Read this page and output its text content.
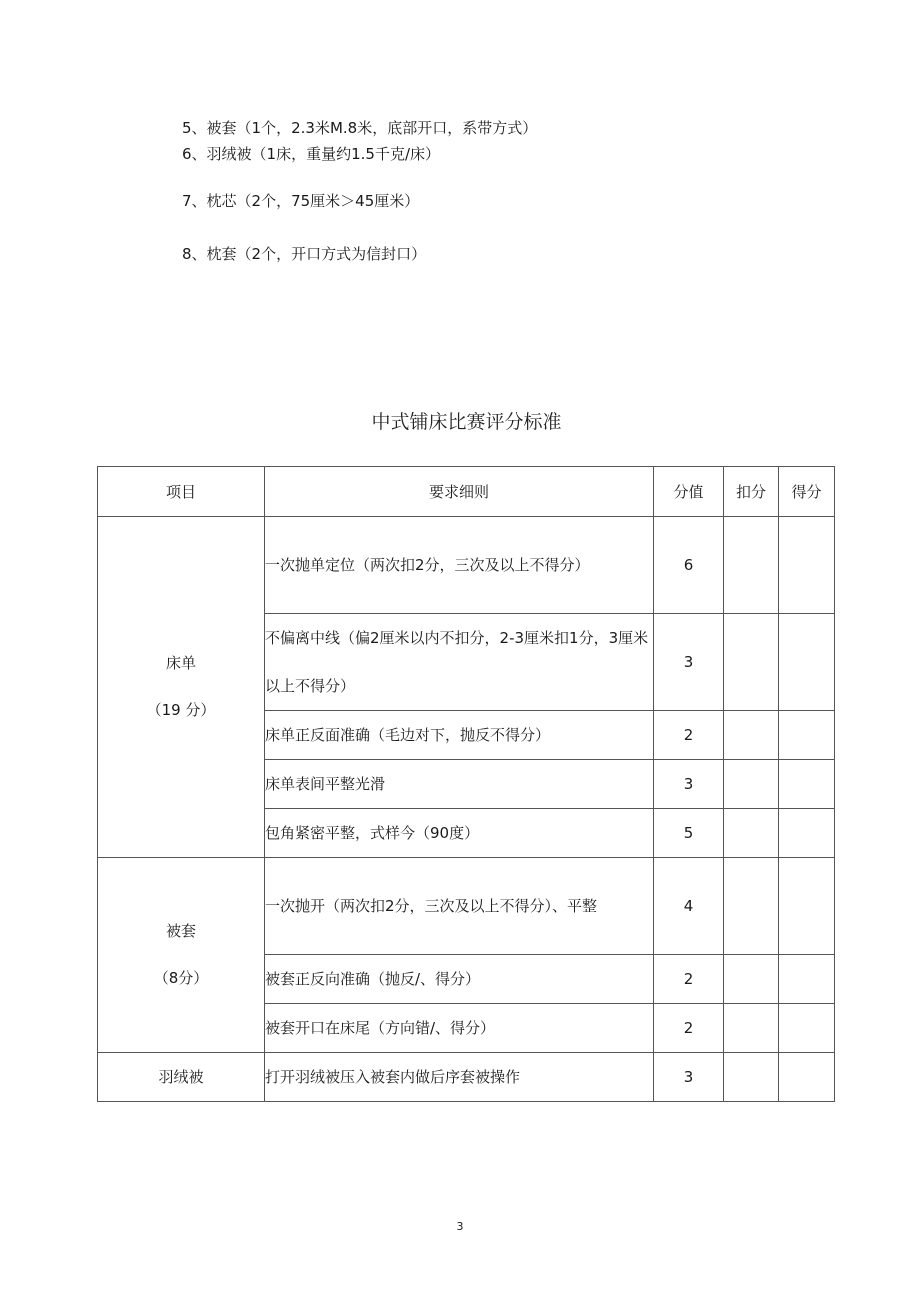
5、被套（1个，2.3米M.8米，底部开口，系带方式）
6、羽绒被（1床，重量约1.5千克/床）
7、枕芯（2个，75厘米＞45厘米）
8、枕套（2个，开口方式为信封口）
中式铺床比赛评分标准
项目	要求细则	分值	扣分	得分

床单
（19 分）	一次抛单定位（两次扣2分，三次及以上不得分）	6		
	不偏离中线（偏2厘米以内不扣分，2-3厘米扣1分，3厘米以上不得分）	3		
	床单正反面准确（毛边对下，抛反不得分）	2		
	床单表间平整光滑	3		
	包角紧密平整，式样今（90度）	5		

被套
（8分）	一次抛开（两次扣2分，三次及以上不得分）、平整	4		
	被套正反向准确（抛反/、得分）	2		
	被套开口在床尾（方向错/、得分）	2		
羽绒被	打开羽绒被压入被套内做后序套被操作	3		
3
